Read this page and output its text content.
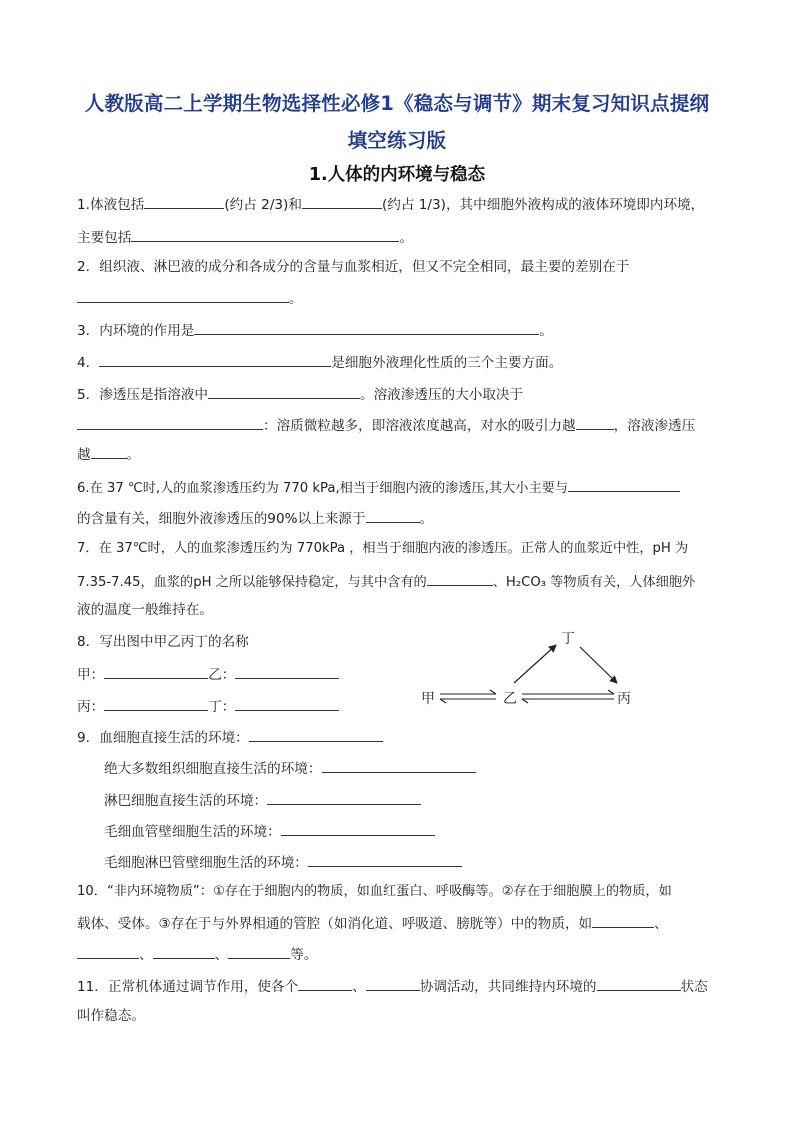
人教版高二上学期生物选择性必修1《稳态与调节》期末复习知识点提纲
填空练习版
1.人体的内环境与稳态
1.体液包括	(约占 2/3)和	(约占 1/3)，其中细胞外液构成的液体环境即内环境，
主要包括	。
2．组织液、淋巴液的成分和各成分的含量与血浆相近，但又不完全相同，最主要的差别在于
。
3．内环境的作用是	。
4．	是细胞外液理化性质的三个主要方面。
5．渗透压是指溶液中	。溶液渗透压的大小取决于
：溶质微粒越多，即溶液浓度越高，对水的吸引力越	，溶液渗透压
越	。
6.在 37 ℃时,人的血浆渗透压约为 770 kPa,相当于细胞内液的渗透压,其大小主要与
的含量有关，细胞外液渗透压的90%以上来源于	。
7．在 37℃时，人的血浆渗透压约为 770kPa ，相当于细胞内液的渗透压。正常人的血浆近中性，pH 为
7.35-7.45，血浆的pH 之所以能够保持稳定，与其中含有的	、H₂CO₃ 等物质有关，人体细胞外
液的温度一般维持在。
8．写出图中甲乙丙丁的名称
甲：	乙：
丙：	丁：	甲	乙	丙
丁
9．血细胞直接生活的环境：
绝大多数组织细胞直接生活的环境：
淋巴细胞直接生活的环境：
毛细血管壁细胞生活的环境：
毛细胞淋巴管壁细胞生活的环境：
10．“非内环境物质”：①存在于细胞内的物质，如血红蛋白、呼吸酶等。②存在于细胞膜上的物质，如
载体、受体。③存在于与外界相通的管腔（如消化道、呼吸道、膀胱等）中的物质，如	、
、	、	等。
11．正常机体通过调节作用，使各个	、	协调活动，共同维持内环境的	状态
叫作稳态。
